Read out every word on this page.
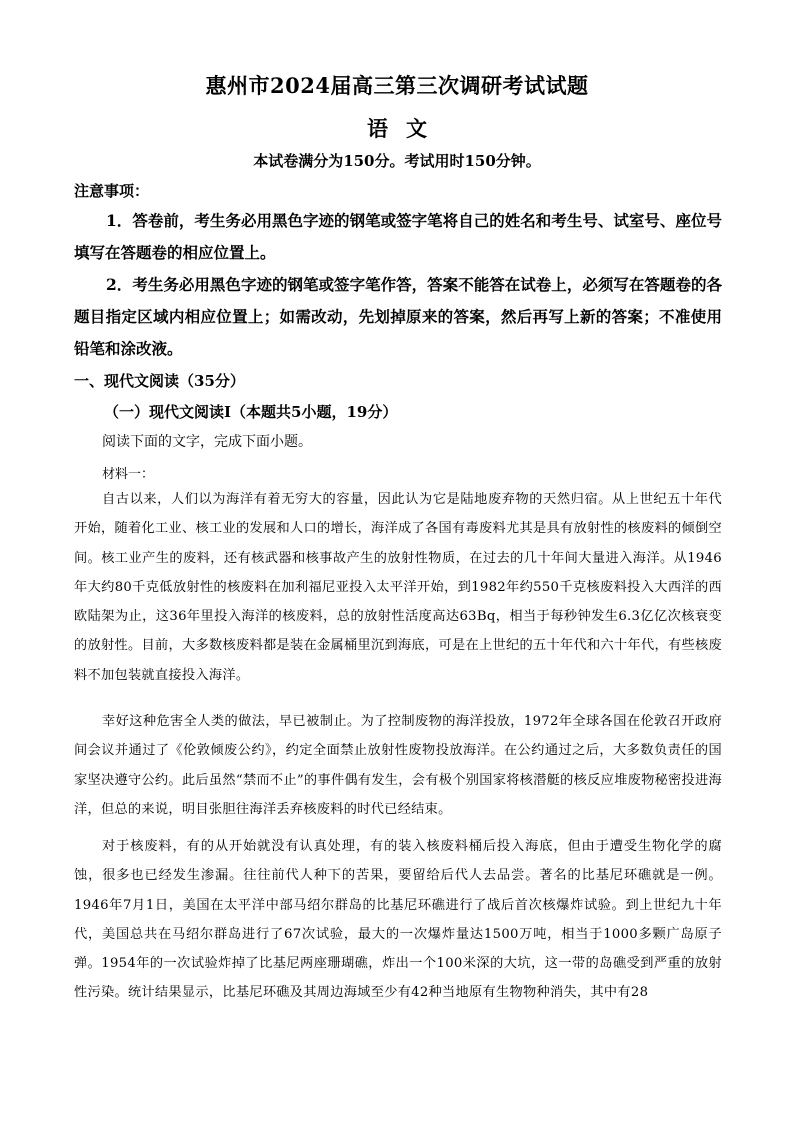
惠州市2024届高三第三次调研考试试题
语文
本试卷满分为150分。考试用时150分钟。
注意事项：
1．答卷前，考生务必用黑色字迹的钢笔或签字笔将自己的姓名和考生号、试室号、座位号填写在答题卷的相应位置上。
2．考生务必用黑色字迹的钢笔或签字笔作答，答案不能答在试卷上，必须写在答题卷的各题目指定区域内相应位置上；如需改动，先划掉原来的答案，然后再写上新的答案；不准使用铅笔和涂改液。
一、现代文阅读（35分）
（一）现代文阅读Ⅰ（本题共5小题，19分）
阅读下面的文字，完成下面小题。
材料一：
自古以来，人们以为海洋有着无穷大的容量，因此认为它是陆地废弃物的天然归宿。从上世纪五十年代开始，随着化工业、核工业的发展和人口的增长，海洋成了各国有毒废料尤其是具有放射性的核废料的倾倒空间。核工业产生的废料，还有核武器和核事故产生的放射性物质，在过去的几十年间大量进入海洋。从1946年大约80千克低放射性的核废料在加利福尼亚投入太平洋开始，到1982年约550千克核废料投入大西洋的西欧陆架为止，这36年里投入海洋的核废料，总的放射性活度高达63Bq，相当于每秒钟发生6.3亿亿次核衰变的放射性。目前，大多数核废料都是装在金属桶里沉到海底，可是在上世纪的五十年代和六十年代，有些核废料不加包装就直接投入海洋。
幸好这种危害全人类的做法，早已被制止。为了控制废物的海洋投放，1972年全球各国在伦敦召开政府间会议并通过了《伦敦倾废公约》，约定全面禁止放射性废物投放海洋。在公约通过之后，大多数负责任的国家坚决遵守公约。此后虽然“禁而不止”的事件偶有发生，会有极个别国家将核潜艇的核反应堆废物秘密投进海洋，但总的来说，明目张胆往海洋丢弃核废料的时代已经结束。
对于核废料，有的从开始就没有认真处理，有的装入核废料桶后投入海底，但由于遭受生物化学的腐蚀，很多也已经发生渗漏。往往前代人种下的苦果，要留给后代人去品尝。著名的比基尼环礁就是一例。1946年7月1日，美国在太平洋中部马绍尔群岛的比基尼环礁进行了战后首次核爆炸试验。到上世纪九十年代，美国总共在马绍尔群岛进行了67次试验，最大的一次爆炸量达1500万吨，相当于1000多颗广岛原子弹。1954年的一次试验炸掉了比基尼两座珊瑚礁，炸出一个100米深的大坑，这一带的岛礁受到严重的放射性污染。统计结果显示，比基尼环礁及其周边海域至少有42种当地原有生物物种消失，其中有28
